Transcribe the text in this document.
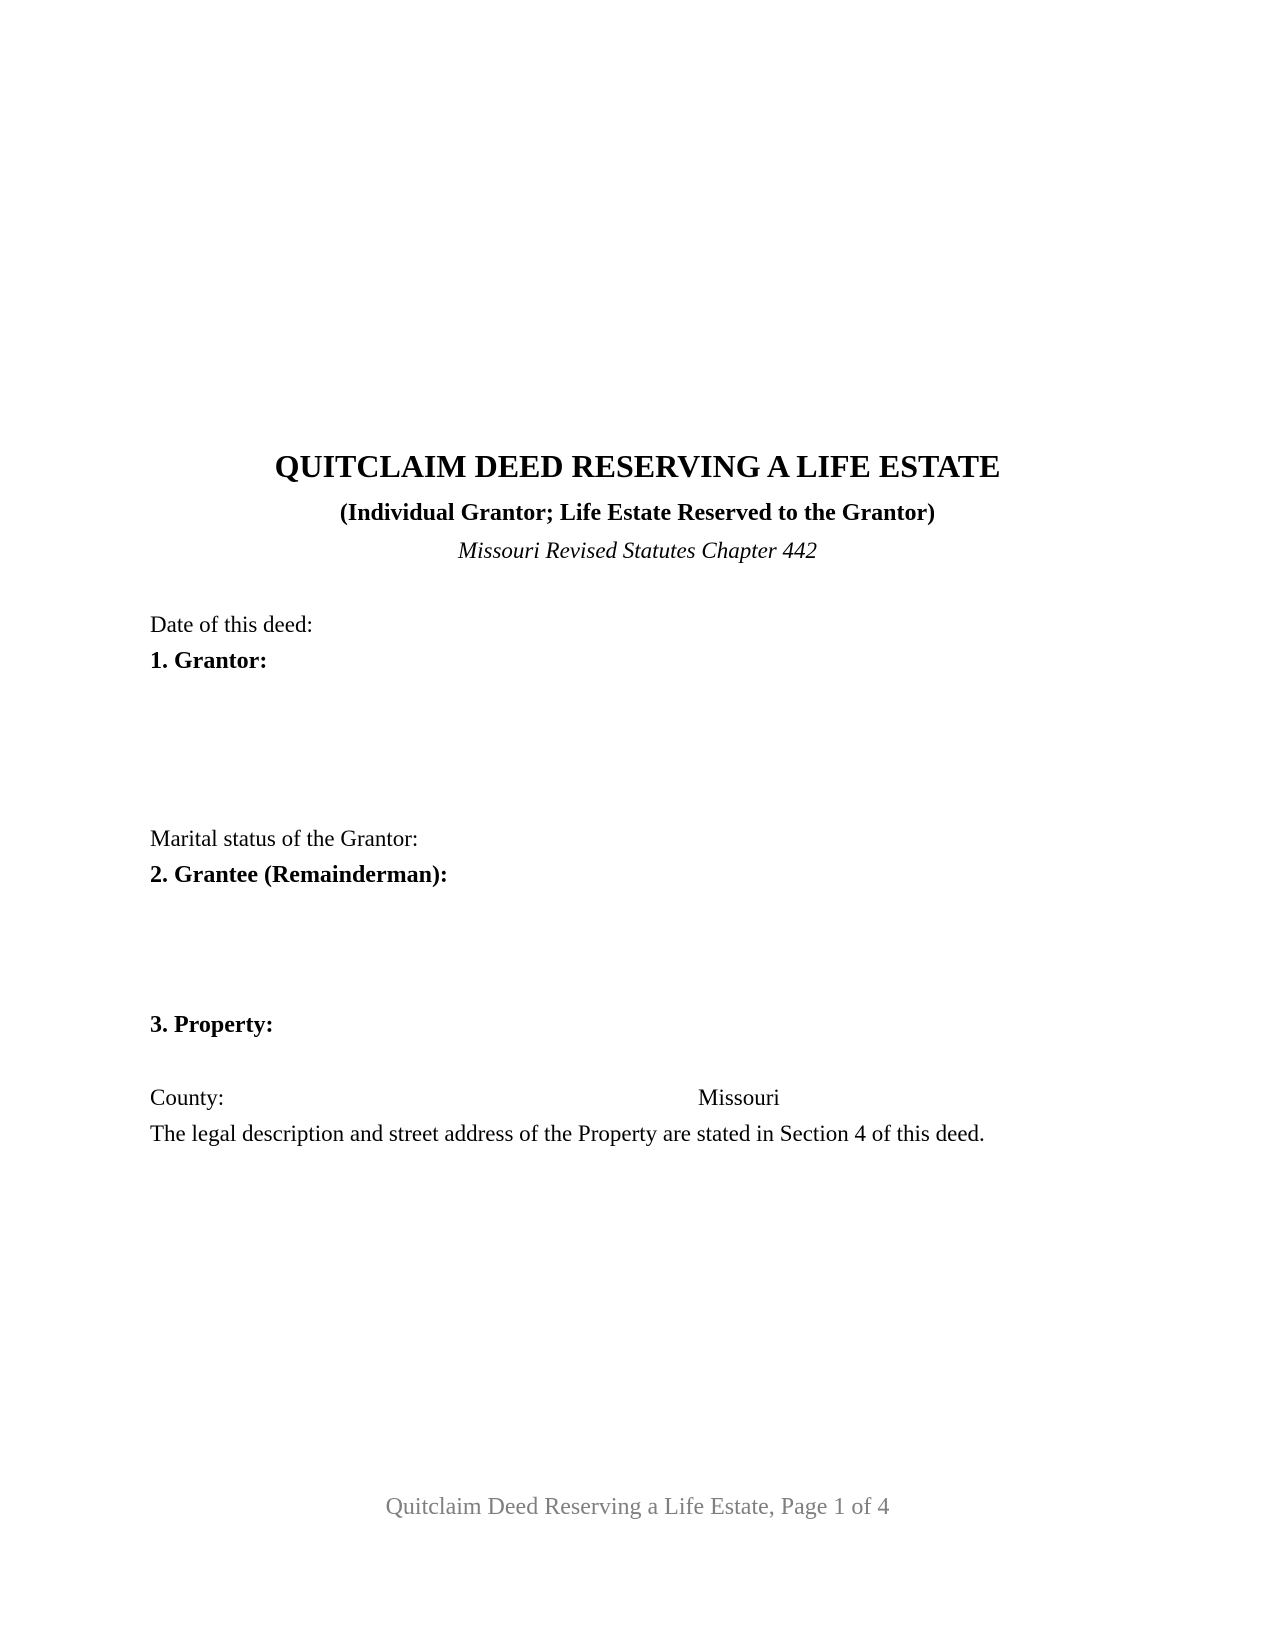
QUITCLAIM DEED RESERVING A LIFE ESTATE
(Individual Grantor; Life Estate Reserved to the Grantor)
Missouri Revised Statutes Chapter 442
Date of this deed:
1. Grantor:
Marital status of the Grantor:
2. Grantee (Remainderman):
3. Property:
County:	Missouri
The legal description and street address of the Property are stated in Section 4 of this deed.
Quitclaim Deed Reserving a Life Estate, Page 1 of 4
